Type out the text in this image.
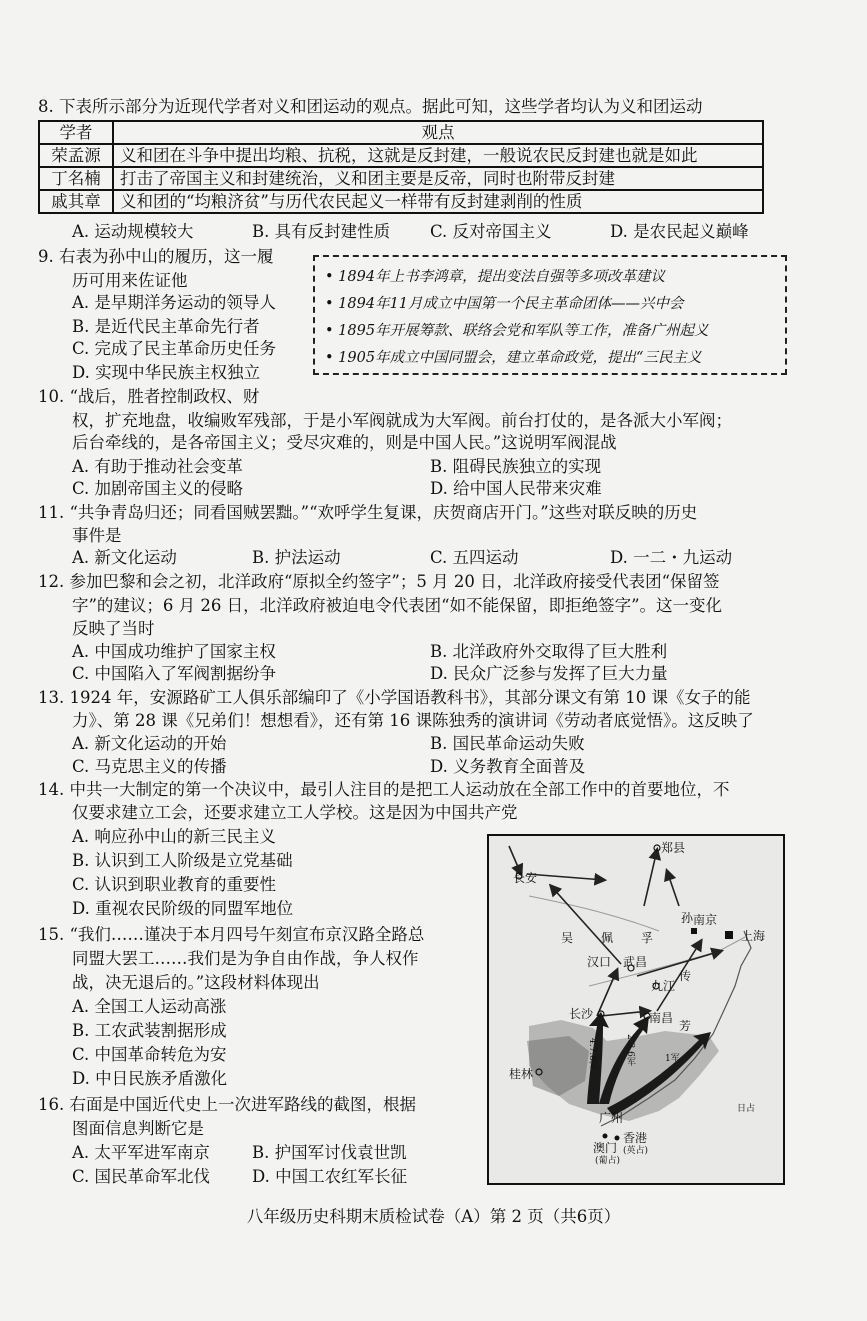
8. 下表所示部分为近现代学者对义和团运动的观点。据此可知，这些学者均认为义和团运动
学者	观点
荣孟源	义和团在斗争中提出均粮、抗税，这就是反封建，一般说农民反封建也就是如此
丁名楠	打击了帝国主义和封建统治，义和团主要是反帝，同时也附带反封建
戚其章	义和团的“均粮济贫”与历代农民起义一样带有反封建剥削的性质
A. 运动规模较大	B. 具有反封建性质 C. 反对帝国主义	D. 是农民起义巅峰
9. 右表为孙中山的履历，这一履
历可用来佐证他
A. 是早期洋务运动的领导人
B. 是近代民主革命先行者
C. 完成了民主革命历史任务
D. 实现中华民族主权独立
• 1894年上书李鸿章，提出变法自强等多项改革建议
• 1894年11月成立中国第一个民主革命团体——兴中会
• 1895年开展筹款、联络会党和军队等工作，准备广州起义
• 1905年成立中国同盟会，建立革命政党，提出“三民主义
10. “战后，胜者控制政权、财
权，扩充地盘，收编败军残部，于是小军阀就成为大军阀。前台打仗的，是各派大小军阀；
后台牵线的，是各帝国主义；受尽灾难的，则是中国人民。”这说明军阀混战
A. 有助于推动社会变革	B. 阻碍民族独立的实现
C. 加剧帝国主义的侵略	D. 给中国人民带来灾难
11. “共争青岛归还；同看国贼罢黜。”“欢呼学生复课，庆贺商店开门。”这些对联反映的历史
事件是
A. 新文化运动	B. 护法运动	C. 五四运动	D. 一二・九运动
12. 参加巴黎和会之初，北洋政府“原拟全约签字”；5 月 20 日，北洋政府接受代表团“保留签
字”的建议；6 月 26 日，北洋政府被迫电令代表团“如不能保留，即拒绝签字”。这一变化
反映了当时
A. 中国成功维护了国家主权	B. 北洋政府外交取得了巨大胜利
C. 中国陷入了军阀割据纷争	D. 民众广泛参与发挥了巨大力量
13. 1924 年，安源路矿工人俱乐部编印了《小学国语教科书》，其部分课文有第 10 课《女子的能
力》、第 28 课《兄弟们！想想看》，还有第 16 课陈独秀的演讲词《劳动者底觉悟》。这反映了
A. 新文化运动的开始	B. 国民革命运动失败
C. 马克思主义的传播	D. 义务教育全面普及
14. 中共一大制定的第一个决议中，最引人注目的是把工人运动放在全部工作中的首要地位，不
仅要求建立工会，还要求建立工人学校。这是因为中国共产党
A. 响应孙中山的新三民主义
B. 认识到工人阶级是立党基础
C. 认识到职业教育的重要性
D. 重视农民阶级的同盟军地位
15. “我们……谨决于本月四号午刻宣布京汉路全路总
同盟大罢工……我们是为争自由作战，争人权作
战，决无退后的。”这段材料体现出
A. 全国工人运动高涨
B. 工农武装割据形成
C. 中国革命转危为安
D. 中日民族矛盾激化
16. 右面是中国近代史上一次进军路线的截图，根据
图面信息判断它是
A. 太平军进军南京	B. 护国军讨伐袁世凯
C. 国民革命军北伐	D. 中国工农红军长征
长安
郑县
孙 南京
上海
吴 佩 孚
汉口 武昌
九江
传
长沙	南昌
芳
桂林
广州
香港
澳门
(葡占)
(英占)
日占
4.7.8军	2.3.6军	1军
八年级历史科期末质检试卷（A）第 2 页（共6页）
